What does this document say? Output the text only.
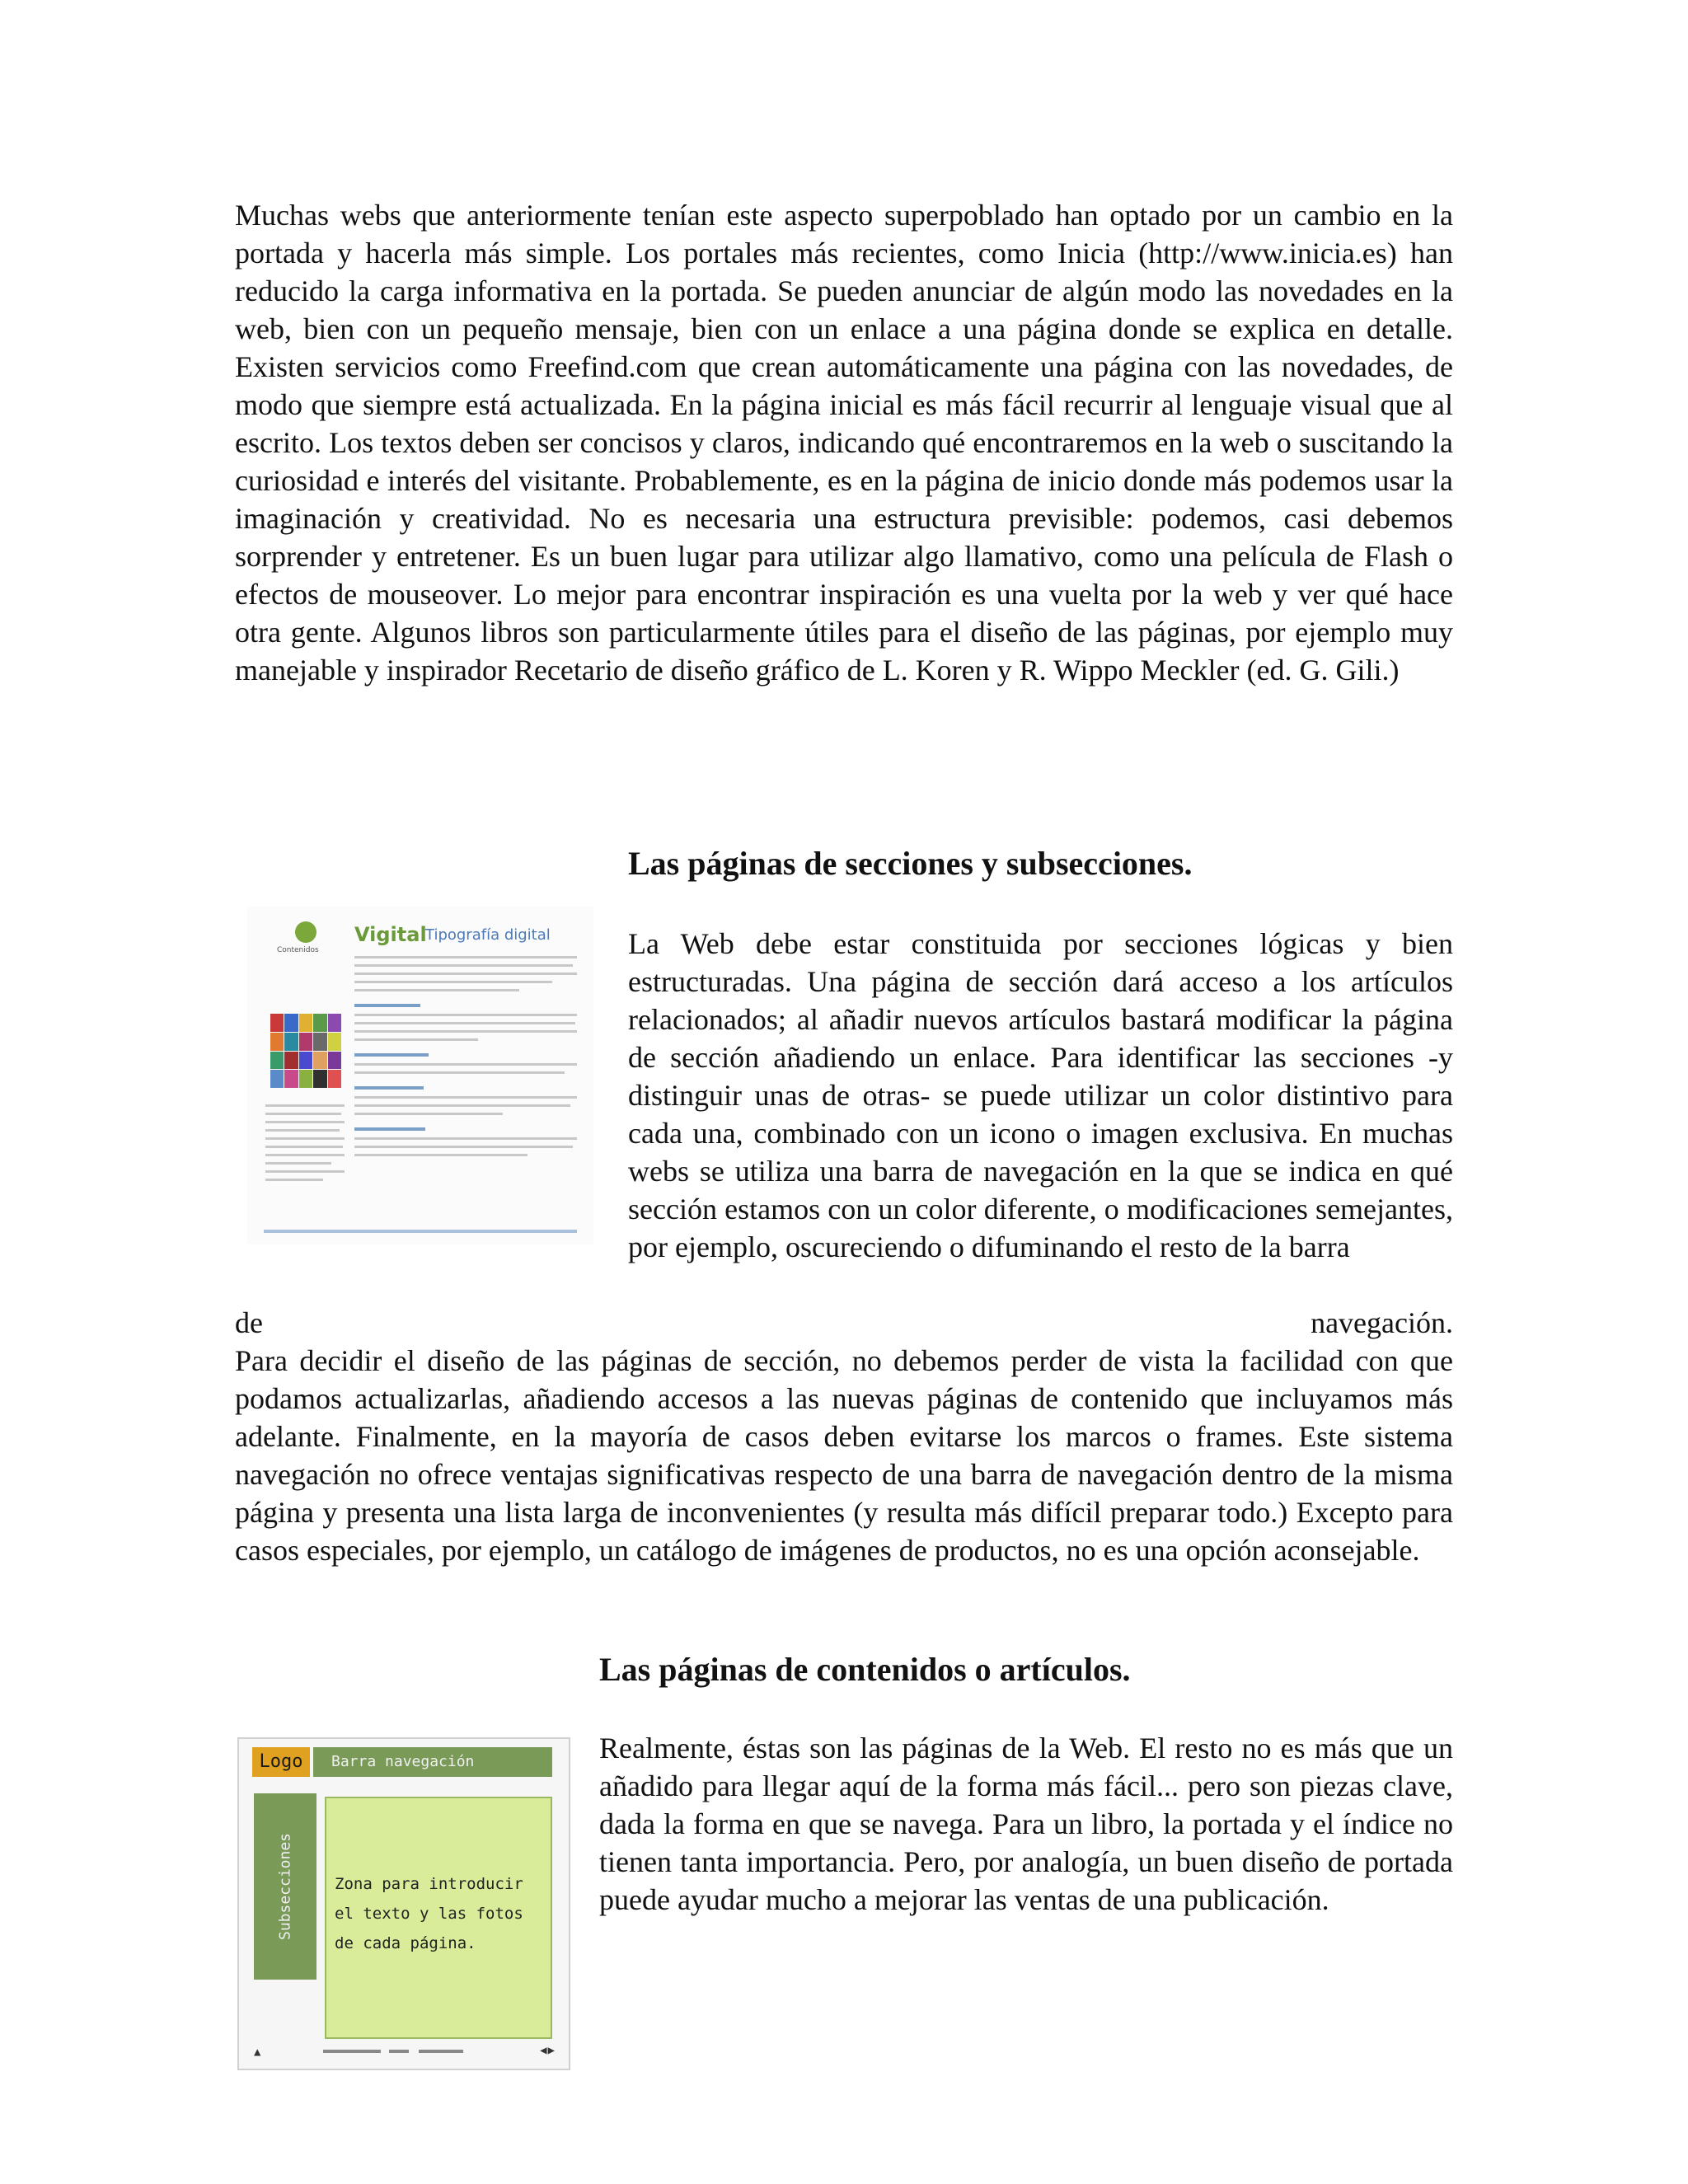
Muchas webs que anteriormente tenían este aspecto superpoblado han optado por un cambio en la portada y hacerla más simple. Los portales más recientes, como Inicia (http://www.inicia.es) han reducido la carga informativa en la portada. Se pueden anunciar de algún modo las novedades en la web, bien con un pequeño mensaje, bien con un enlace a una página donde se explica en detalle. Existen servicios como Freefind.com que crean automáticamente una página con las novedades, de modo que siempre está actualizada. En la página inicial es más fácil recurrir al lenguaje visual que al escrito. Los textos deben ser concisos y claros, indicando qué encontraremos en la web o suscitando la curiosidad e interés del visitante. Probablemente, es en la página de inicio donde más podemos usar la imaginación y creatividad. No es necesaria una estructura previsible: podemos, casi debemos sorprender y entretener. Es un buen lugar para utilizar algo llamativo, como una película de Flash o efectos de mouseover. Lo mejor para encontrar inspiración es una vuelta por la web y ver qué hace otra gente. Algunos libros son particularmente útiles para el diseño de las páginas, por ejemplo muy manejable y inspirador Recetario de diseño gráfico de L. Koren y R. Wippo Meckler (ed. G. Gili.)

Las páginas de secciones y subsecciones.
Contenidos
Vigital
Tipografía digital	La Web debe estar constituida por secciones lógicas y bien estructuradas. Una página de sección dará acceso a los artículos relacionados; al añadir nuevos artículos bastará modificar la página de sección añadiendo un enlace. Para identificar las secciones -y distinguir unas de otras- se puede utilizar un color distintivo para cada una, combinado con un icono o imagen exclusiva. En muchas webs se utiliza una barra de navegación en la que se indica en qué sección estamos con un color diferente, o modificaciones semejantes, por ejemplo, oscureciendo o difuminando el resto de la barra

de navegación.

Para decidir el diseño de las páginas de sección, no debemos perder de vista la facilidad con que podamos actualizarlas, añadiendo accesos a las nuevas páginas de contenido que incluyamos más adelante. Finalmente, en la mayoría de casos deben evitarse los marcos o frames. Este sistema navegación no ofrece ventajas significativas respecto de una barra de navegación dentro de la misma página y presenta una lista larga de inconvenientes (y resulta más difícil preparar todo.) Excepto para casos especiales, por ejemplo, un catálogo de imágenes de productos, no es una opción aconsejable.

Las páginas de contenidos o artículos.
Logo	Barra navegación
Subsecciones	Zona para introducir
el texto y las fotos
de cada página.
▲	◀▶

Realmente, éstas son las páginas de la Web. El resto no es más que un añadido para llegar aquí de la forma más fácil... pero son piezas clave, dada la forma en que se navega. Para un libro, la portada y el índice no tienen tanta importancia. Pero, por analogía, un buen diseño de portada puede ayudar mucho a mejorar las ventas de una publicación.
